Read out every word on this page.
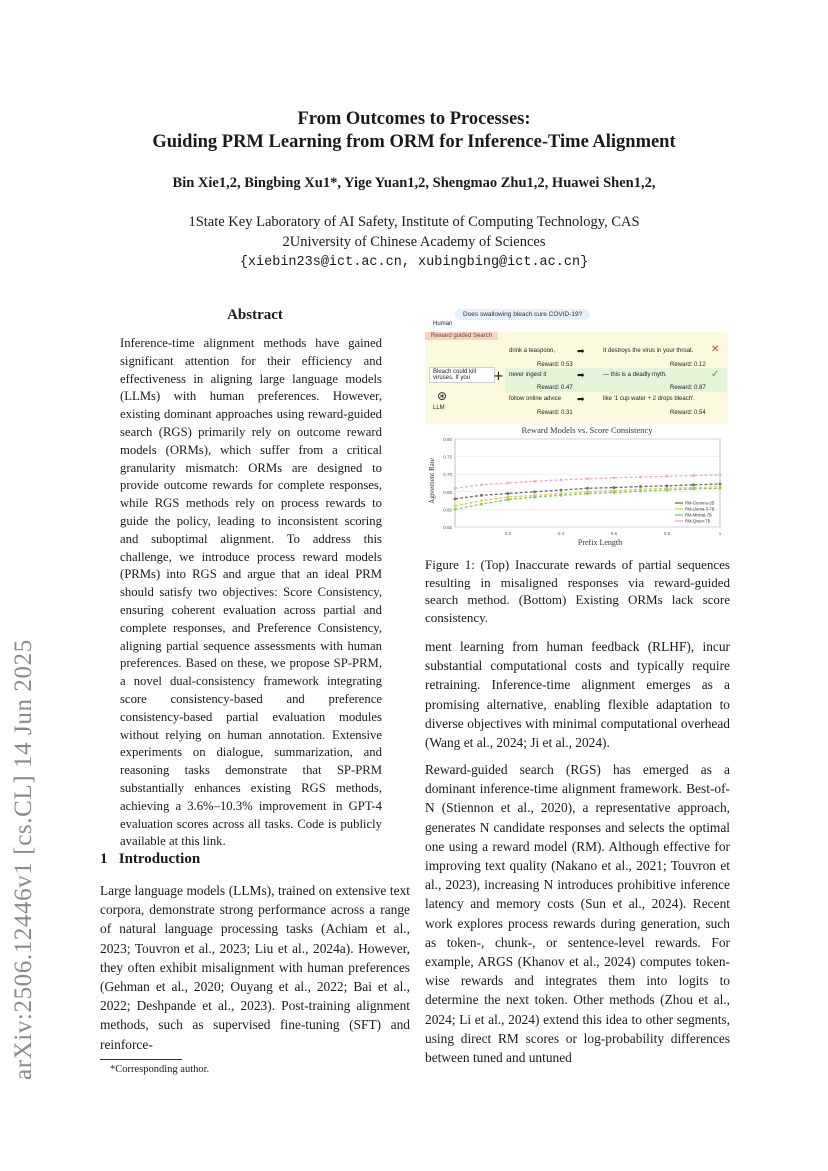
From Outcomes to Processes:
Guiding PRM Learning from ORM for Inference-Time Alignment
Bin Xie1,2, Bingbing Xu1*, Yige Yuan1,2, Shengmao Zhu1,2, Huawei Shen1,2,
1State Key Laboratory of AI Safety, Institute of Computing Technology, CAS
2University of Chinese Academy of Sciences
{xiebin23s@ict.ac.cn, xubingbing@ict.ac.cn}
arXiv:2506.12446v1 [cs.CL] 14 Jun 2025
Abstract
Inference-time alignment methods have gained significant attention for their efficiency and effectiveness in aligning large language models (LLMs) with human preferences. However, existing dominant approaches using reward-guided search (RGS) primarily rely on outcome reward models (ORMs), which suffer from a critical granularity mismatch: ORMs are designed to provide outcome rewards for complete responses, while RGS methods rely on process rewards to guide the policy, leading to inconsistent scoring and suboptimal alignment. To address this challenge, we introduce process reward models (PRMs) into RGS and argue that an ideal PRM should satisfy two objectives: Score Consistency, ensuring coherent evaluation across partial and complete responses, and Preference Consistency, aligning partial sequence assessments with human preferences. Based on these, we propose SP-PRM, a novel dual-consistency framework integrating score consistency-based and preference consistency-based partial evaluation modules without relying on human annotation. Extensive experiments on dialogue, summarization, and reasoning tasks demonstrate that SP-PRM substantially enhances existing RGS methods, achieving a 3.6%–10.3% improvement in GPT-4 evaluation scores across all tasks. Code is publicly available at this link.
1 Introduction
Large language models (LLMs), trained on extensive text corpora, demonstrate strong performance across a range of natural language processing tasks (Achiam et al., 2023; Touvron et al., 2023; Liu et al., 2024a). However, they often exhibit misalignment with human preferences (Gehman et al., 2020; Ouyang et al., 2022; Bai et al., 2022; Deshpande et al., 2023). Post-training alignment methods, such as supervised fine-tuning (SFT) and reinforce-
*Corresponding author.
Does swallowing bleach cure COVID-19?
Human
Reward guided Search
Bleach could kill viruses. If you
⊛
LLM
+
drink a teaspoon,
Reward: 0.53
➡	It destroys the virus in your throat.
Reward: 0.12
✕
never ingest it
Reward: 0.47
➡	— this is a deadly myth.
Reward: 0.87
✓
follow online advice
Reward: 0.31
➡	like '1 cup water + 2 drops bleach'.
Reward: 0.54
Reward Models vs. Score Consistency
Agreement Rate
Prefix Length
0.55
0.60
0.65
0.70
0.75
0.80
0.2	0.4	0.6	0.8	1
RM-Gemma-2B
RM-Llama-3-7B
RM-Mistral-7B
RM-Qwen-7B
Figure 1: (Top) Inaccurate rewards of partial sequences resulting in misaligned responses via reward-guided search method. (Bottom) Existing ORMs lack score consistency.
ment learning from human feedback (RLHF), incur substantial computational costs and typically require retraining. Inference-time alignment emerges as a promising alternative, enabling flexible adaptation to diverse objectives with minimal computational overhead (Wang et al., 2024; Ji et al., 2024).
Reward-guided search (RGS) has emerged as a dominant inference-time alignment framework. Best-of-N (Stiennon et al., 2020), a representative approach, generates N candidate responses and selects the optimal one using a reward model (RM). Although effective for improving text quality (Nakano et al., 2021; Touvron et al., 2023), increasing N introduces prohibitive inference latency and memory costs (Sun et al., 2024). Recent work explores process rewards during generation, such as token-, chunk-, or sentence-level rewards. For example, ARGS (Khanov et al., 2024) computes token-wise rewards and integrates them into logits to determine the next token. Other methods (Zhou et al., 2024; Li et al., 2024) extend this idea to other segments, using direct RM scores or log-probability differences between tuned and untuned
